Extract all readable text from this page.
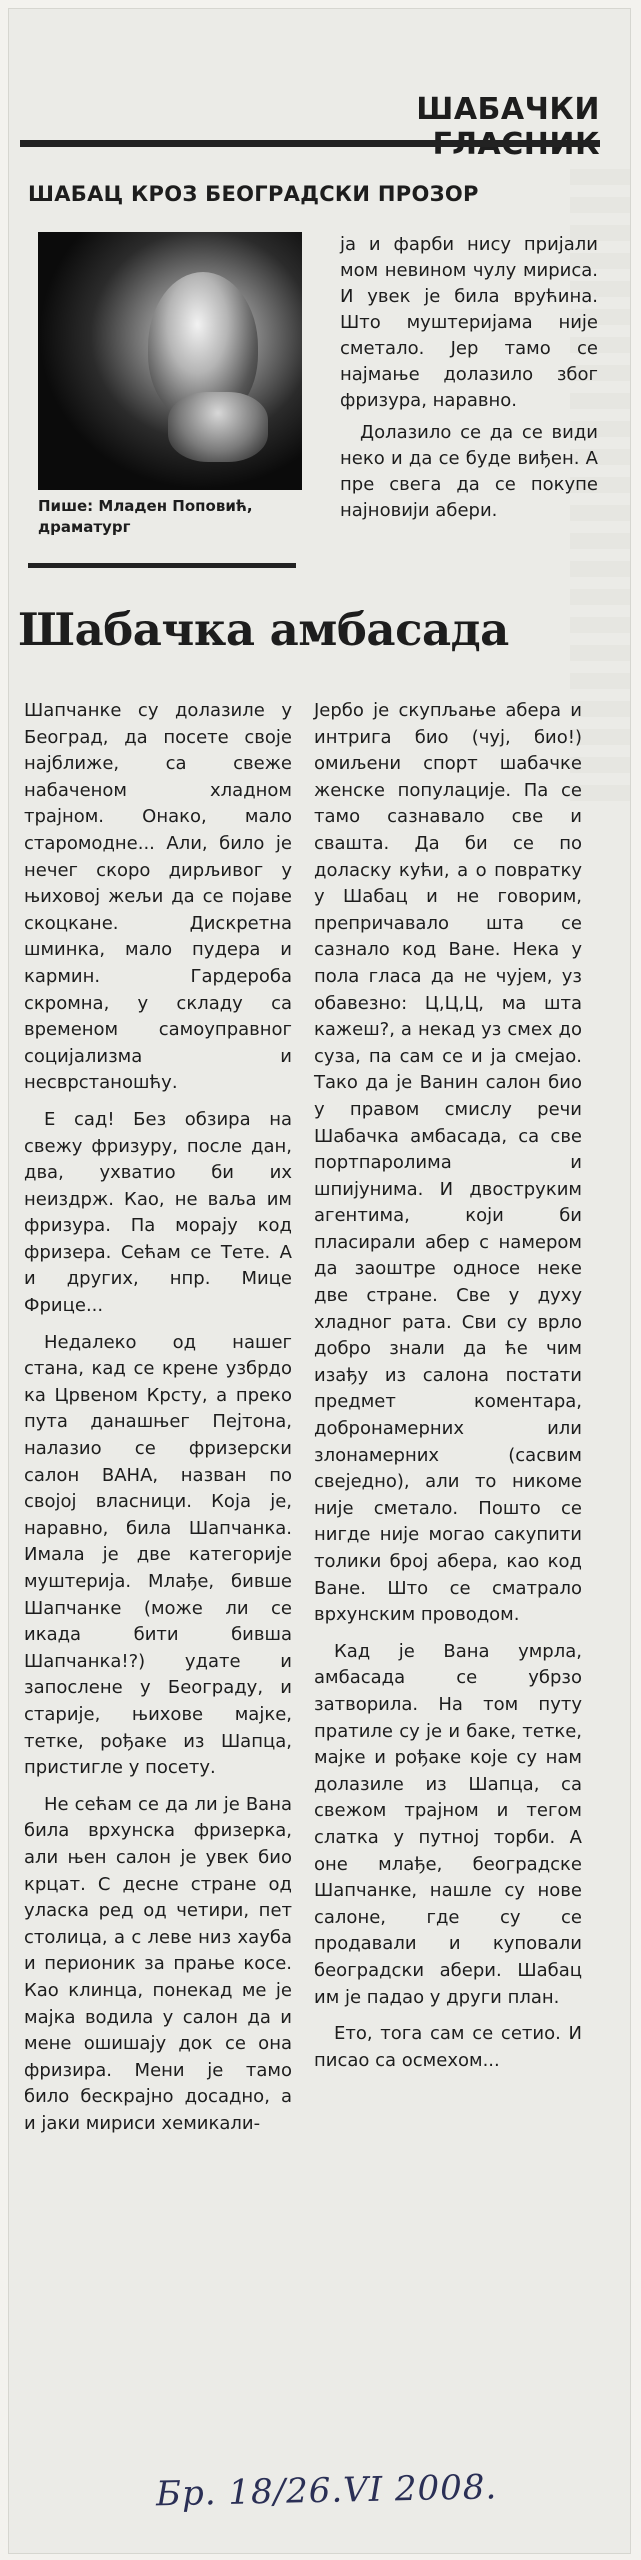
ШАБАЧКИ
ШАБАЦ КРОЗ БЕОГРАДСКИ ПРОЗОР
Пише: Младен Поповић, драматург

ја и фарби нису пријали мом невином чулу мириса. И увек је била врућина. Што муштеријама није сметало. Јер тамо се најмање долазило због фризура, наравно.

Долазило се да се види неко и да се буде виђен. А пре свега да се покупе најновији абери.

Шабачка амбасада

Шапчанке су долазиле у Београд, да посете своје најближе, са свеже набаченом хладном трајном. Онако, мало старомодне... Али, било је нечег скоро дирљивог у њиховој жељи да се појаве скоцкане. Дискретна шминка, мало пудера и кармин. Гардероба скромна, у складу са временом самоуправног социјализма и несврстаношћу.

Е сад! Без обзира на свежу фризуру, после дан, два, ухватио би их неиздрж. Као, не ваља им фризура. Па морају код фризера. Сећам се Тете. А и других, нпр. Мице Фрице...

Недалеко од нашег стана, кад се крене узбрдо ка Црвеном Крсту, а преко пута данашњег Пејтона, налазио се фризерски салон ВАНА, назван по својој власници. Која је, наравно, била Шапчанка. Имала је две категорије муштерија. Млађе, бивше Шапчанке (може ли се икада бити бивша Шапчанка!?) удате и запослене у Београду, и старије, њихове мајке, тетке, рођаке из Шапца, пристигле у посету.

Не сећам се да ли је Вана била врхунска фризерка, али њен салон је увек био крцат. С десне стране од уласка ред од четири, пет столица, а с леве низ хауба и перионик за прање косе. Као клинца, понекад ме је мајка водила у салон да и мене ошишају док се она фризира. Мени је тамо било бескрајно досадно, а и јаки мириси хемикали-

Јербо је скупљање абера и интрига био (чуј, био!) омиљени спорт шабачке женске популације. Па се тамо сазнавало све и свашта. Да би се по доласку кући, а о повратку у Шабац и не говорим, препричавало шта се сазнало код Ване. Нека у пола гласа да не чујем, уз обавезно: Ц,Ц,Ц, ма шта кажеш?, а некад уз смех до суза, па сам се и ја смејао. Тако да је Ванин салон био у правом смислу речи Шабачка амбасада, са све портпаролима и шпијунима. И двоструким агентима, који би пласирали абер с намером да заоштре односе неке две стране. Све у духу хладног рата. Сви су врло добро знали да ће чим изађу из салона постати предмет коментара, добронамерних или злонамерних (сасвим свеједно), али то никоме није сметало. Пошто се нигде није могао сакупити толики број абера, као код Ване. Што се сматрало врхунским проводом.

Кад је Вана умрла, амбасада се убрзо затворила. На том путу пратиле су је и баке, тетке, мајке и рођаке које су нам долазиле из Шапца, са свежом трајном и тегом слатка у путној торби. А оне млађе, београдске Шапчанке, нашле су нове салоне, где су се продавали и куповали београдски абери. Шабац им је падао у други план.

Ето, тога сам се сетио. И писао са осмехом...

Бр. 18/26.VI 2008.
